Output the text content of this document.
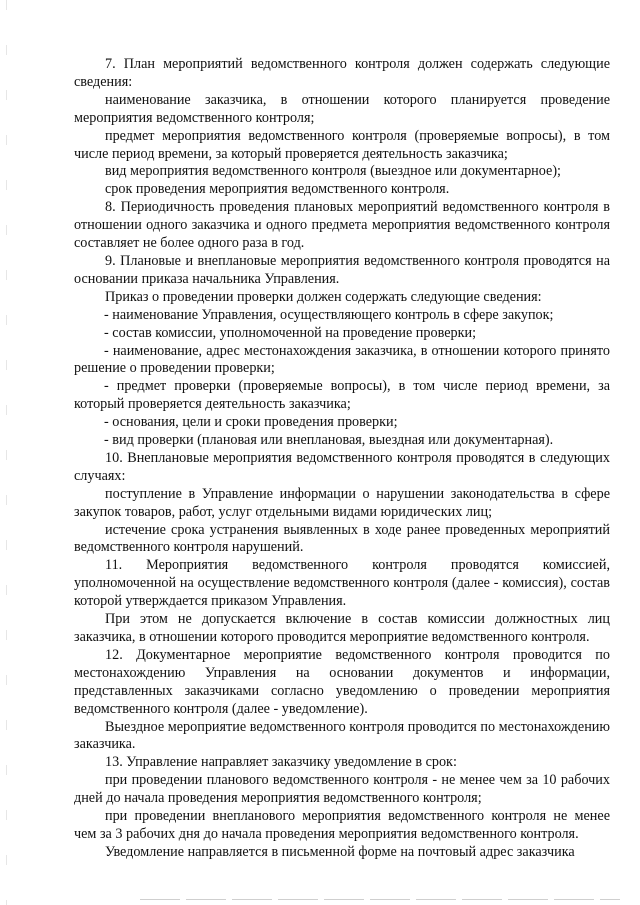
7. План мероприятий ведомственного контроля должен содержать следующие сведения:

наименование заказчика, в отношении которого планируется проведение мероприятия ведомственного контроля;

предмет мероприятия ведомственного контроля (проверяемые вопросы), в том числе период времени, за который проверяется деятельность заказчика;

вид мероприятия ведомственного контроля (выездное или документарное);

срок проведения мероприятия ведомственного контроля.

8. Периодичность проведения плановых мероприятий ведомственного контроля в отношении одного заказчика и одного предмета мероприятия ведомственного контроля составляет не более одного раза в год.

9. Плановые и внеплановые мероприятия ведомственного контроля проводятся на основании приказа начальника Управления.

Приказ о проведении проверки должен содержать следующие сведения:

- наименование Управления, осуществляющего контроль в сфере закупок;

- состав комиссии, уполномоченной на проведение проверки;

- наименование, адрес местонахождения заказчика, в отношении которого принято решение о проведении проверки;

- предмет проверки (проверяемые вопросы), в том числе период времени, за который проверяется деятельность заказчика;

- основания, цели и сроки проведения проверки;

- вид проверки (плановая или внеплановая, выездная или документарная).

10. Внеплановые мероприятия ведомственного контроля проводятся в следующих случаях:

поступление в Управление информации о нарушении законодательства в сфере закупок товаров, работ, услуг отдельными видами юридических лиц;

истечение срока устранения выявленных в ходе ранее проведенных мероприятий ведомственного контроля нарушений.

11. Мероприятия ведомственного контроля проводятся комиссией, уполномоченной на осуществление ведомственного контроля (далее - комиссия), состав которой утверждается приказом Управления.

При этом не допускается включение в состав комиссии должностных лиц заказчика, в отношении которого проводится мероприятие ведомственного контроля.

12. Документарное мероприятие ведомственного контроля проводится по местонахождению Управления на основании документов и информации, представленных заказчиками согласно уведомлению о проведении мероприятия ведомственного контроля (далее - уведомление).

Выездное мероприятие ведомственного контроля проводится по местонахождению заказчика.

13. Управление направляет заказчику уведомление в срок:

при проведении планового ведомственного контроля - не менее чем за 10 рабочих дней до начала проведения мероприятия ведомственного контроля;

при проведении внепланового мероприятия ведомственного контроля не менее чем за 3 рабочих дня до начала проведения мероприятия ведомственного контроля.

Уведомление направляется в письменной форме на почтовый адрес заказчика
